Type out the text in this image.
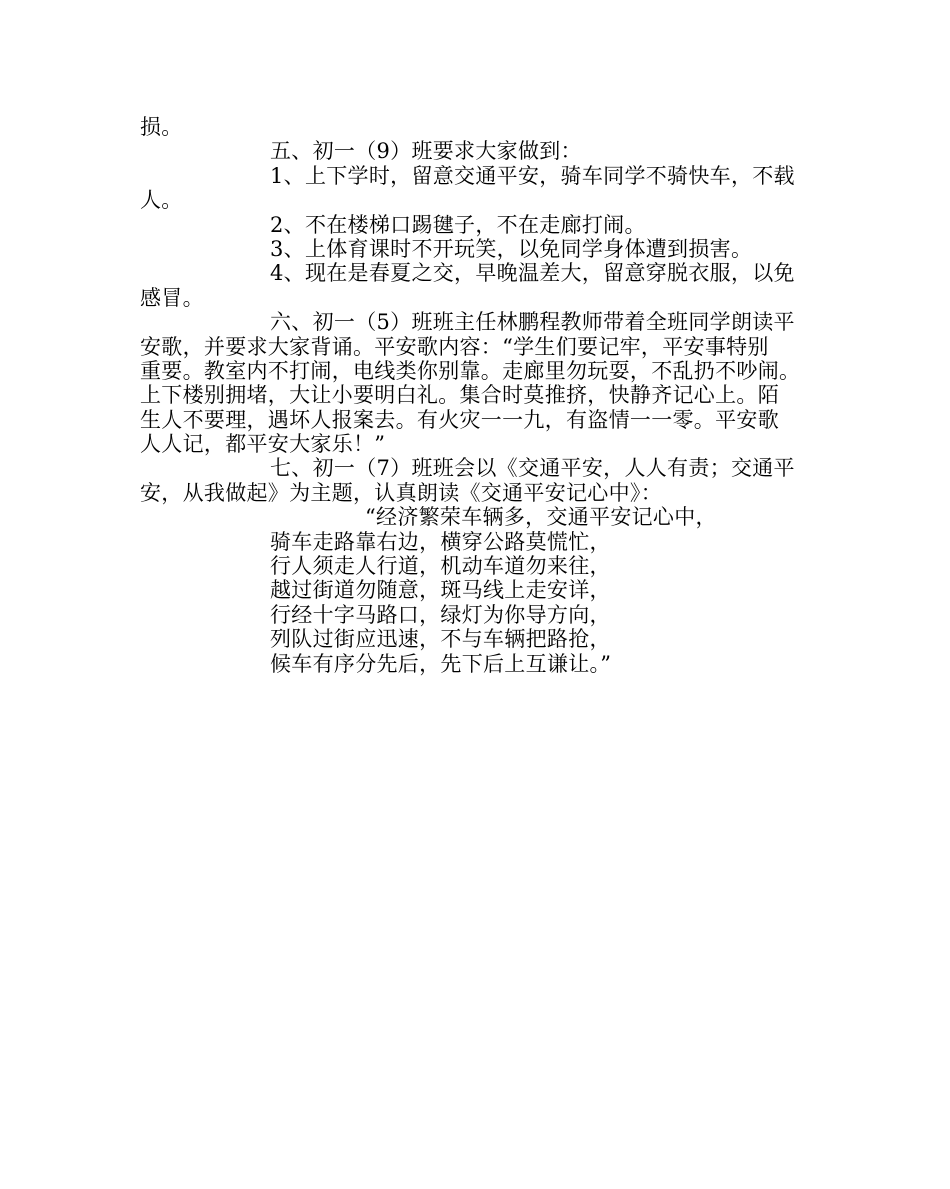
损。
五、初一（9）班要求大家做到：
1、上下学时，留意交通平安，骑车同学不骑快车，不载
人。
2、不在楼梯口踢毽子，不在走廊打闹。
3、上体育课时不开玩笑，以免同学身体遭到损害。
4、现在是春夏之交，早晚温差大，留意穿脱衣服，以免
感冒。
六、初一（5）班班主任林鹏程教师带着全班同学朗读平
安歌，并要求大家背诵。平安歌内容：“学生们要记牢，平安事特别
重要。教室内不打闹，电线类你别靠。走廊里勿玩耍，不乱扔不吵闹。
上下楼别拥堵，大让小要明白礼。集合时莫推挤，快静齐记心上。陌
生人不要理，遇坏人报案去。有火灾一一九，有盗情一一零。平安歌
人人记，都平安大家乐！”
七、初一（7）班班会以《交通平安，人人有责；交通平
安，从我做起》为主题，认真朗读《交通平安记心中》：
“经济繁荣车辆多，交通平安记心中，
骑车走路靠右边，横穿公路莫慌忙，
行人须走人行道，机动车道勿来往，
越过街道勿随意，斑马线上走安详，
行经十字马路口，绿灯为你导方向，
列队过街应迅速，不与车辆把路抢，
候车有序分先后，先下后上互谦让。”
